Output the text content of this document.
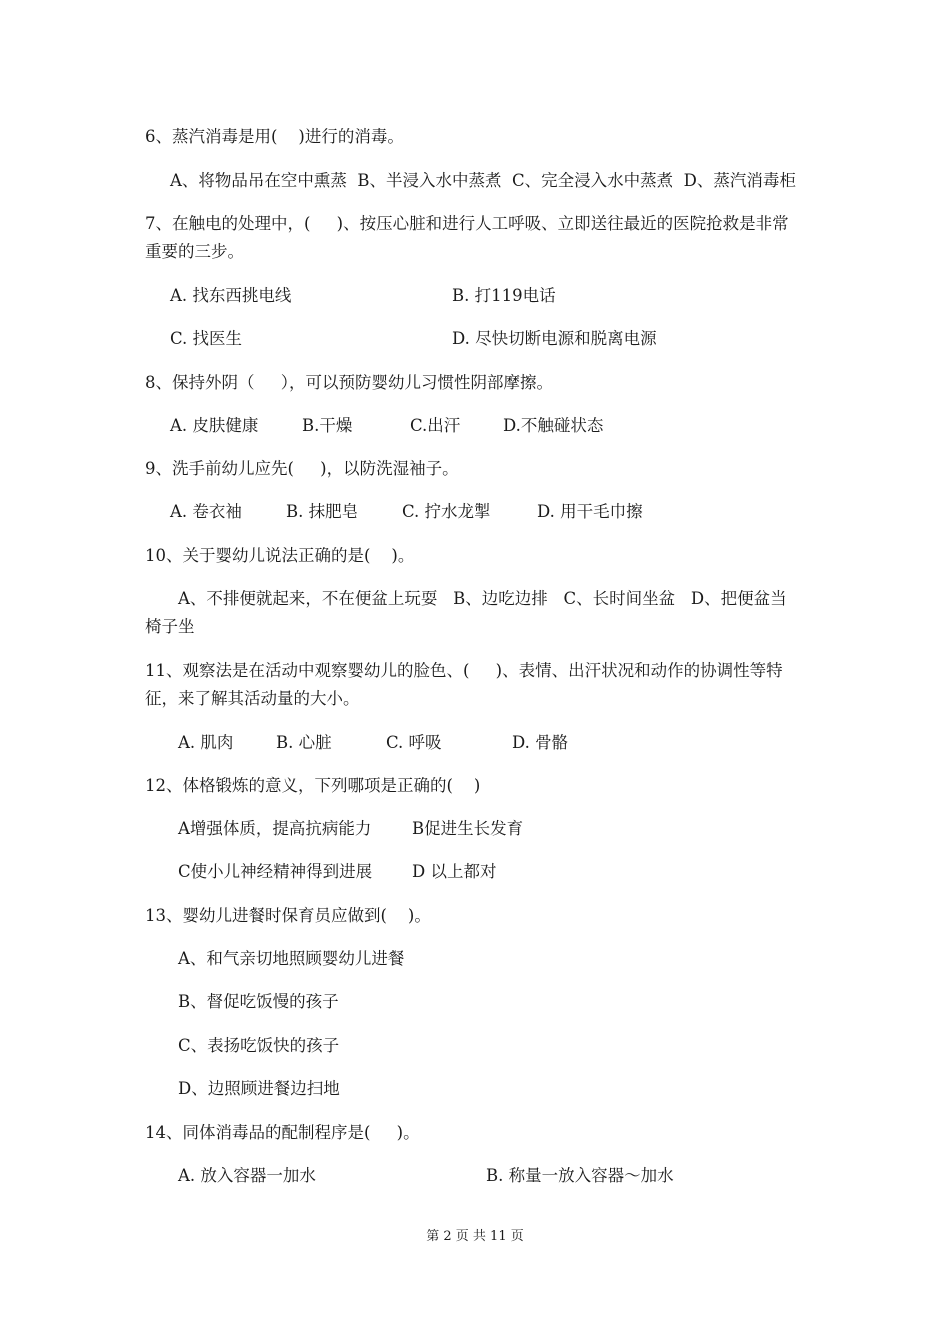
6、蒸汽消毒是用(    )进行的消毒。
A、将物品吊在空中熏蒸  B、半浸入水中蒸煮  C、完全浸入水中蒸煮  D、蒸汽消毒柜
7、在触电的处理中，(     )、按压心脏和进行人工呼吸、立即送往最近的医院抢救是非常
重要的三步。
A. 找东西挑电线	B. 打119电话
C. 找医生	D. 尽快切断电源和脱离电源
8、保持外阴（     ），可以预防婴幼儿习惯性阴部摩擦。
A. 皮肤健康	B.干燥	C.出汗	D.不触碰状态
9、洗手前幼儿应先(     )，以防洗湿袖子。
A. 卷衣袖	B. 抹肥皂	C. 拧水龙掣	D. 用干毛巾擦
10、关于婴幼儿说法正确的是(    )。
A、不排便就起来，不在便盆上玩耍   B、边吃边排   C、长时间坐盆   D、把便盆当
椅子坐
11、观察法是在活动中观察婴幼儿的脸色、(     )、表情、出汗状况和动作的协调性等特
征，来了解其活动量的大小。
A. 肌肉	B. 心脏	C. 呼吸	D. 骨骼
12、体格锻炼的意义，下列哪项是正确的(    )
A增强体质，提高抗病能力 B促进生长发育
C使小儿神经精神得到进展 D 以上都对
13、婴幼儿进餐时保育员应做到(    )。
A、和气亲切地照顾婴幼儿进餐
B、督促吃饭慢的孩子
C、表扬吃饭快的孩子
D、边照顾进餐边扫地
14、同体消毒品的配制程序是(     )。
A. 放入容器一加水	B. 称量一放入容器～加水
第 2 页 共 11 页
